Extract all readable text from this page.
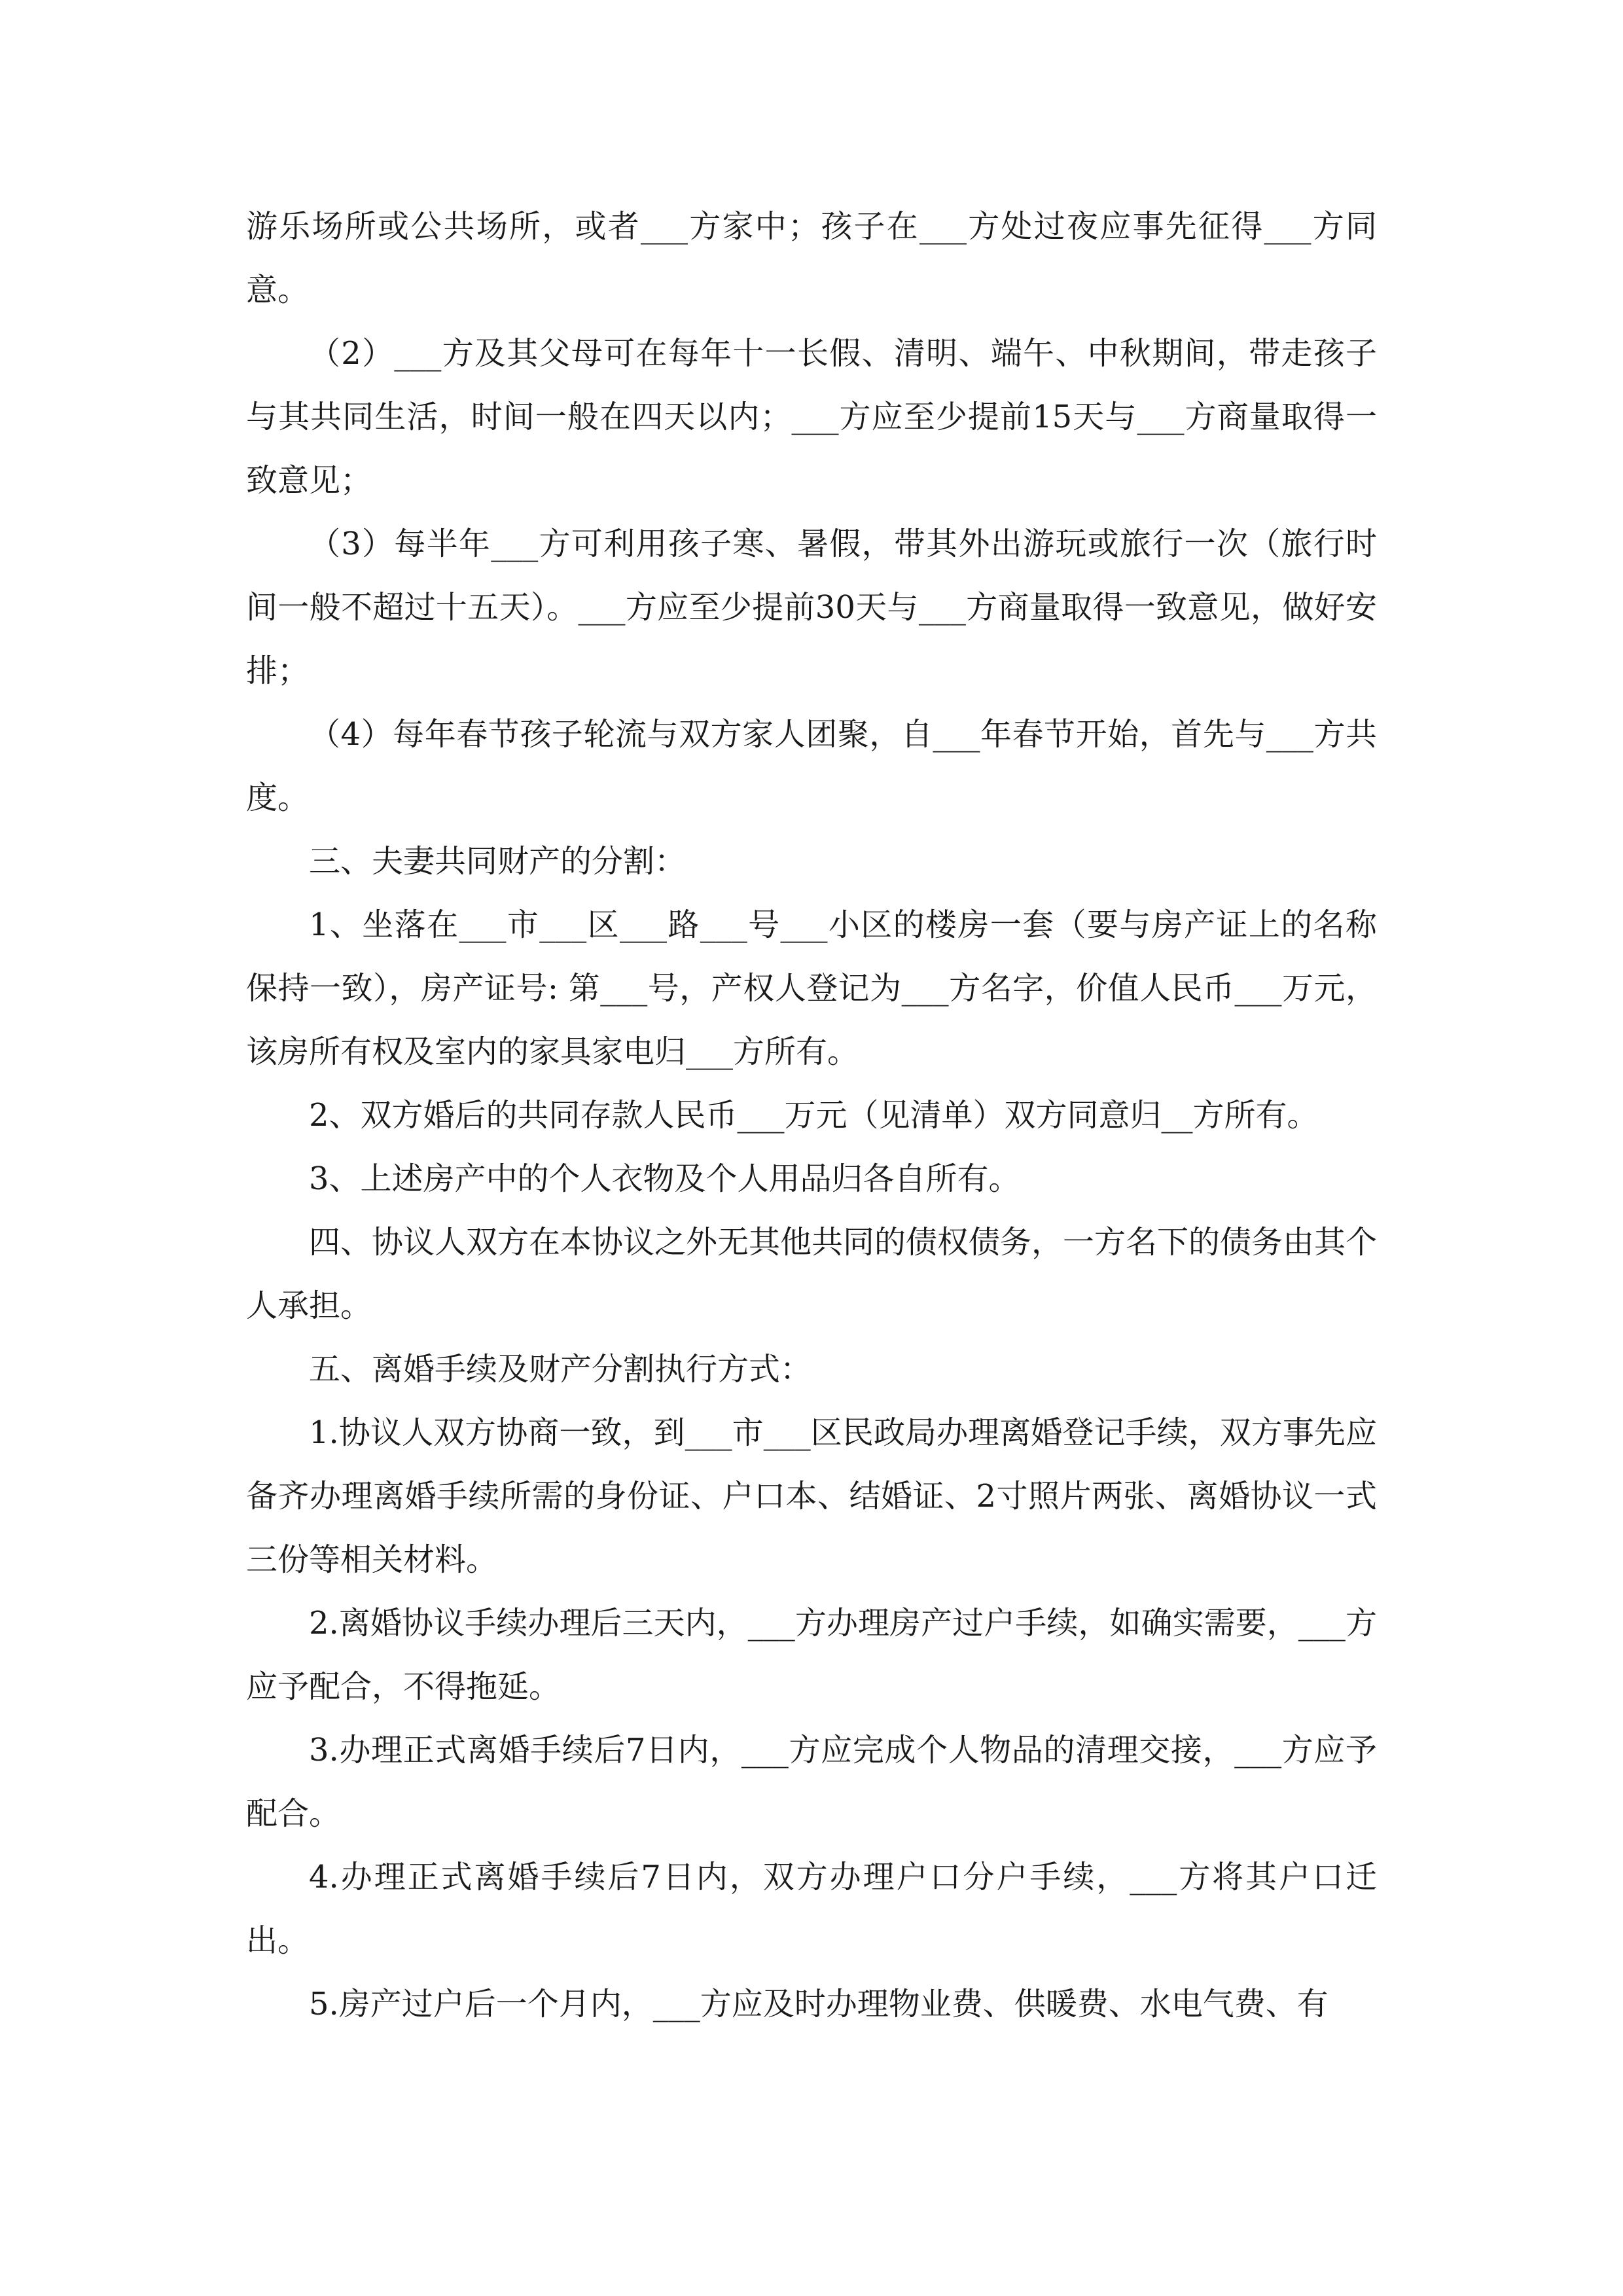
游乐场所或公共场所，或者___方家中；孩子在___方处过夜应事先征得___方同意。

（2）___方及其父母可在每年十一长假、清明、端午、中秋期间，带走孩子与其共同生活，时间一般在四天以内；___方应至少提前15天与___方商量取得一致意见；

（3）每半年___方可利用孩子寒、暑假，带其外出游玩或旅行一次（旅行时间一般不超过十五天）。___方应至少提前30天与___方商量取得一致意见，做好安排；

（4）每年春节孩子轮流与双方家人团聚，自___年春节开始，首先与___方共度。

三、夫妻共同财产的分割：

1、坐落在___市___区___路___号___小区的楼房一套（要与房产证上的名称保持一致），房产证号: 第___号，产权人登记为___方名字，价值人民币___万元，该房所有权及室内的家具家电归___方所有。

2、双方婚后的共同存款人民币___万元（见清单）双方同意归__方所有。

3、上述房产中的个人衣物及个人用品归各自所有。

四、协议人双方在本协议之外无其他共同的债权债务，一方名下的债务由其个人承担。

五、离婚手续及财产分割执行方式：

1.协议人双方协商一致，到___市___区民政局办理离婚登记手续，双方事先应备齐办理离婚手续所需的身份证、户口本、结婚证、2寸照片两张、离婚协议一式三份等相关材料。

2.离婚协议手续办理后三天内，___方办理房产过户手续，如确实需要，___方应予配合，不得拖延。

3.办理正式离婚手续后7日内，___方应完成个人物品的清理交接，___方应予配合。

4.办理正式离婚手续后7日内，双方办理户口分户手续，___方将其户口迁出。

5.房产过户后一个月内，___方应及时办理物业费、供暖费、水电气费、有
